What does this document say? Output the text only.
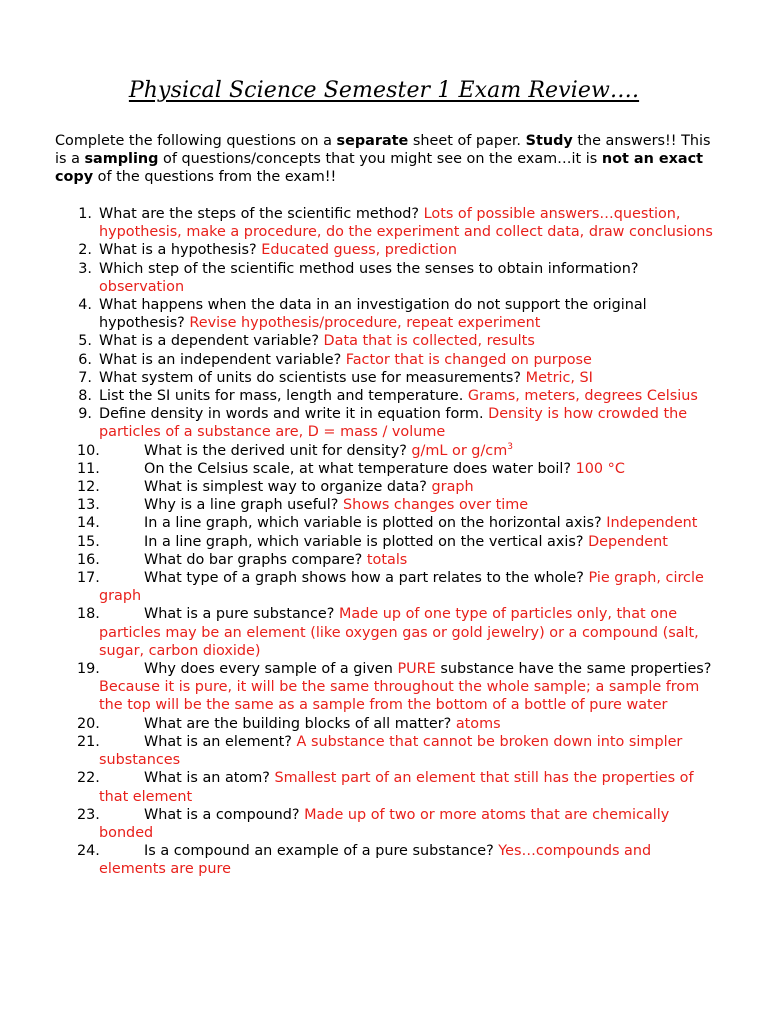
Physical Science Semester 1 Exam Review….
Complete the following questions on a separate sheet of paper. Study the answers!! This is a sampling of questions/concepts that you might see on the exam…it is not an exact copy of the questions from the exam!!
1. What are the steps of the scientific method? Lots of possible answers…question, hypothesis, make a procedure, do the experiment and collect data, draw conclusions
2. What is a hypothesis? Educated guess, prediction
3. Which step of the scientific method uses the senses to obtain information? observation
4. What happens when the data in an investigation do not support the original hypothesis? Revise hypothesis/procedure, repeat experiment
5. What is a dependent variable? Data that is collected, results
6. What is an independent variable? Factor that is changed on purpose
7. What system of units do scientists use for measurements? Metric, SI
8. List the SI units for mass, length and temperature. Grams, meters, degrees Celsius
9. Define density in words and write it in equation form. Density is how crowded the particles of a substance are, D = mass / volume
10.	What is the derived unit for density? g/mL or $g/cm^3$
11.	On the Celsius scale, at what temperature does water boil? 100 °C
12.	What is simplest way to organize data? graph
13.	Why is a line graph useful? Shows changes over time
14.	In a line graph, which variable is plotted on the horizontal axis? Independent
15.	In a line graph, which variable is plotted on the vertical axis? Dependent
16.	What do bar graphs compare? totals
17.	What type of a graph shows how a part relates to the whole? Pie graph, circle graph
18.	What is a pure substance? Made up of one type of particles only, that one particles may be an element (like oxygen gas or gold jewelry) or a compound (salt, sugar, carbon dioxide)
19.	Why does every sample of a given PURE substance have the same properties? Because it is pure, it will be the same throughout the whole sample; a sample from the top will be the same as a sample from the bottom of a bottle of pure water
20.	What are the building blocks of all matter? atoms
21.	What is an element? A substance that cannot be broken down into simpler substances
22.	What is an atom? Smallest part of an element that still has the properties of that element
23.	What is a compound? Made up of two or more atoms that are chemically bonded
24.	Is a compound an example of a pure substance? Yes…compounds and elements are pure
